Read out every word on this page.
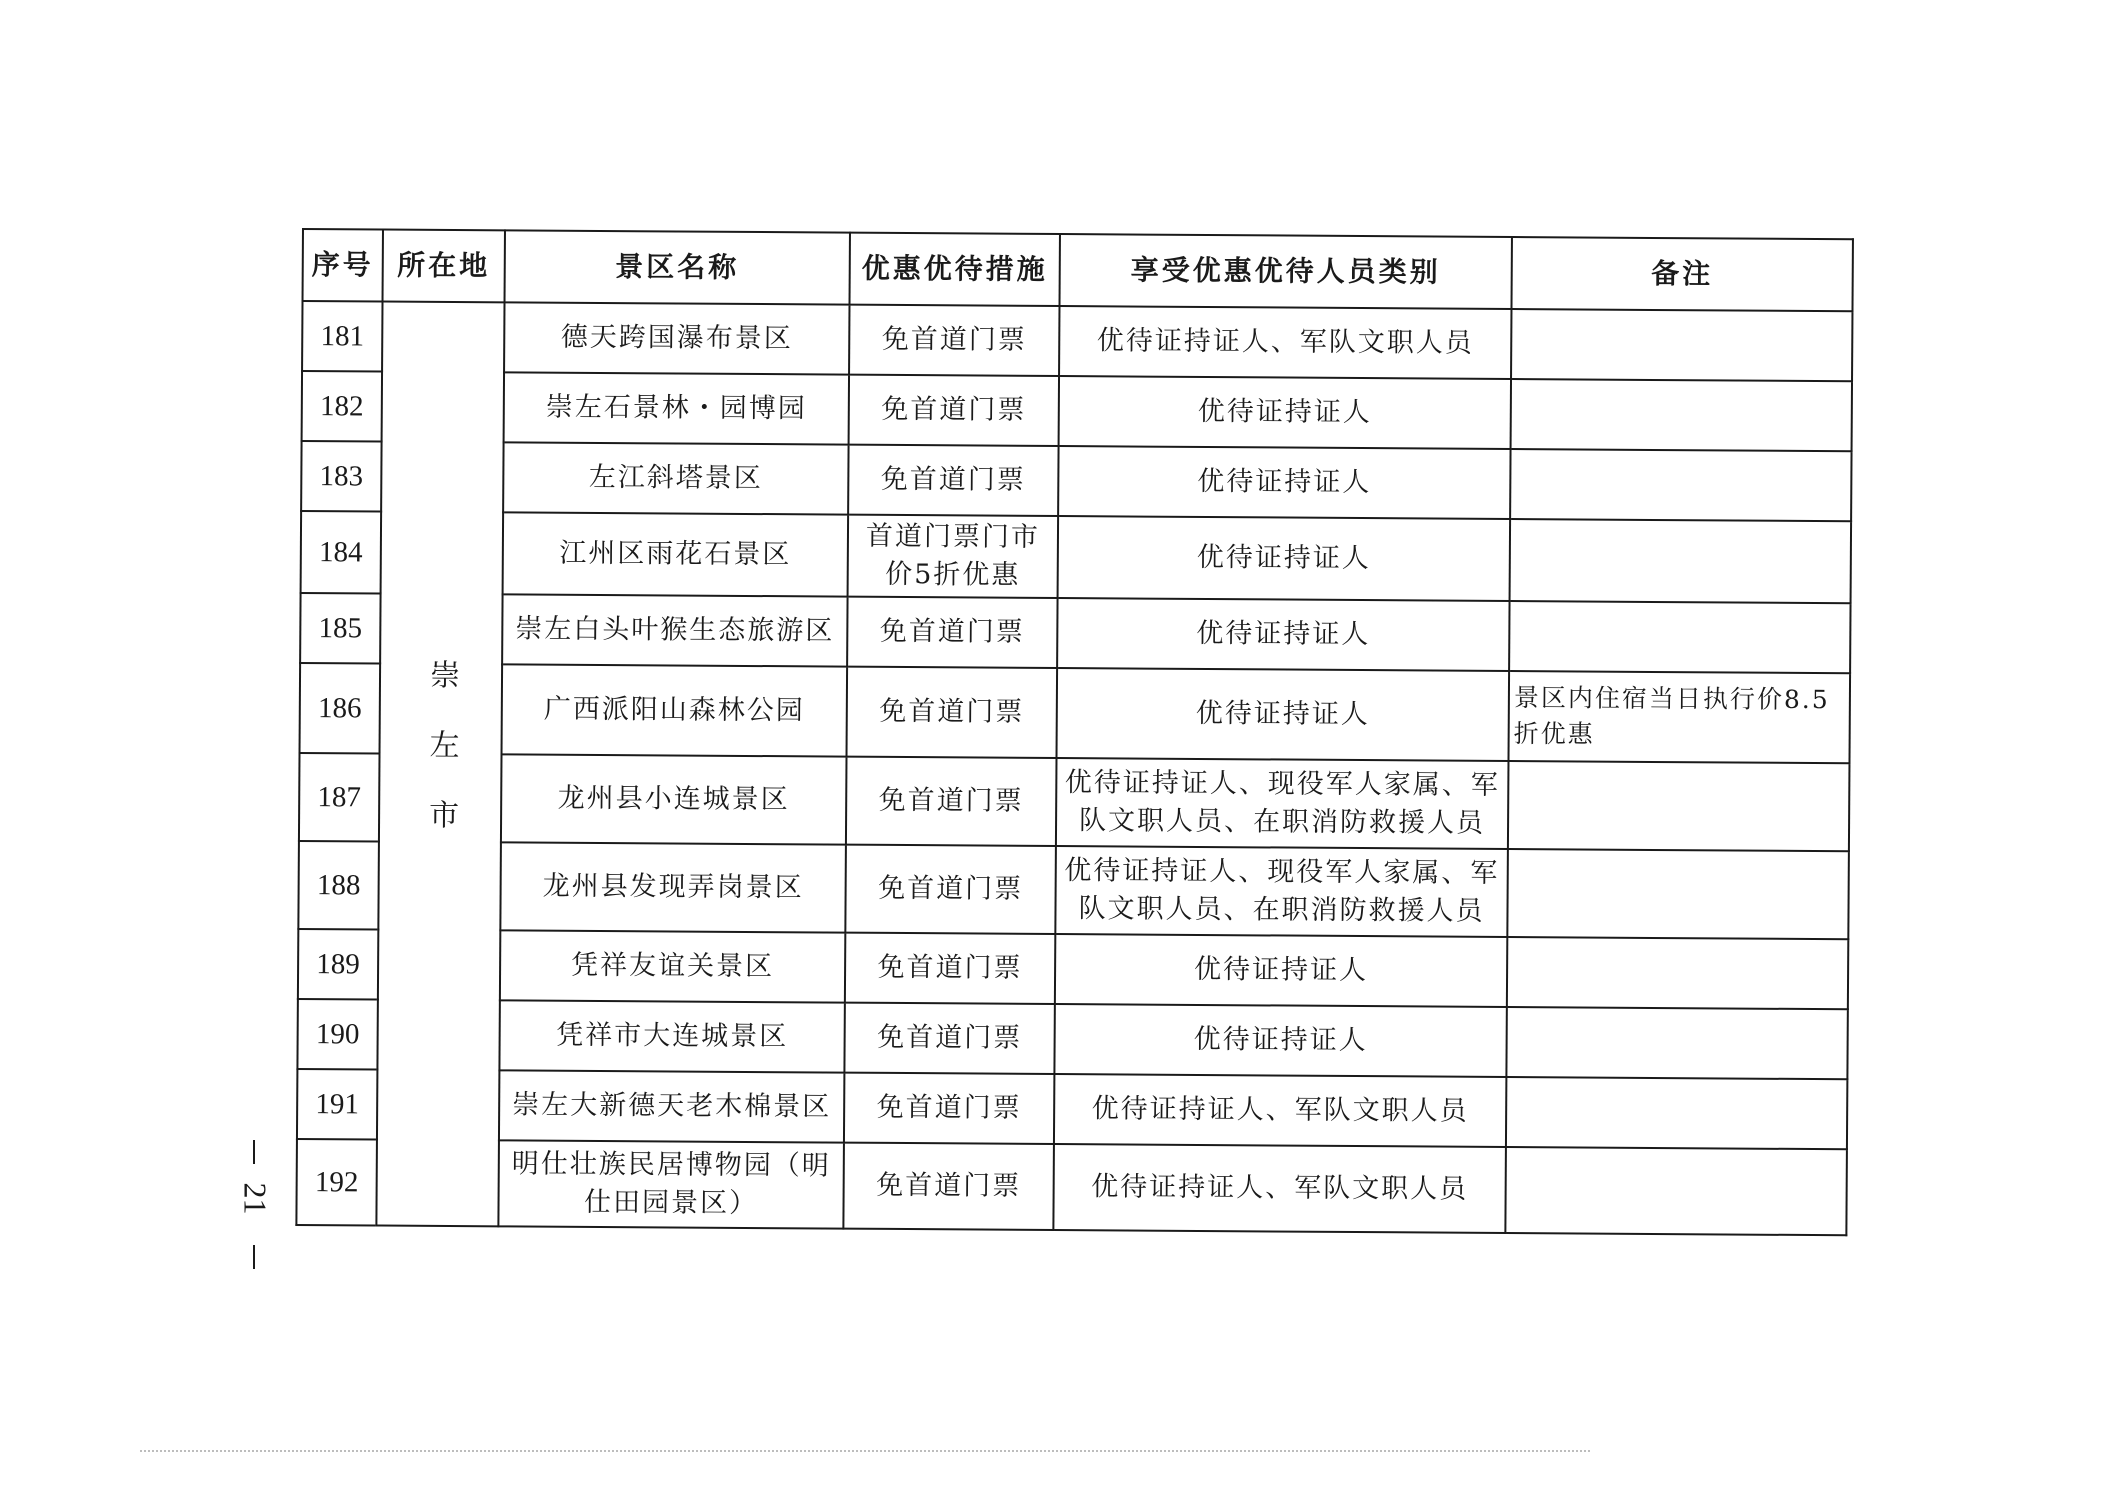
序号	所在地	景区名称	优惠优待措施	享受优惠优待人员类别	备注
181	崇左市	德天跨国瀑布景区	免首道门票	优待证持证人、军队文职人员	
182		崇左石景林・园博园	免首道门票	优待证持证人	
183		左江斜塔景区	免首道门票	优待证持证人	
184		江州区雨花石景区	首道门票门市价5折优惠	优待证持证人	
185		崇左白头叶猴生态旅游区	免首道门票	优待证持证人	
186		广西派阳山森林公园	免首道门票	优待证持证人	景区内住宿当日执行价8.5折优惠
187		龙州县小连城景区	免首道门票	优待证持证人、现役军人家属、军队文职人员、在职消防救援人员	
188		龙州县发现弄岗景区	免首道门票	优待证持证人、现役军人家属、军队文职人员、在职消防救援人员	
189		凭祥友谊关景区	免首道门票	优待证持证人	
190		凭祥市大连城景区	免首道门票	优待证持证人	
191		崇左大新德天老木棉景区	免首道门票	优待证持证人、军队文职人员	
192		明仕壮族民居博物园（明仕田园景区）	免首道门票	优待证持证人、军队文职人员	
21
